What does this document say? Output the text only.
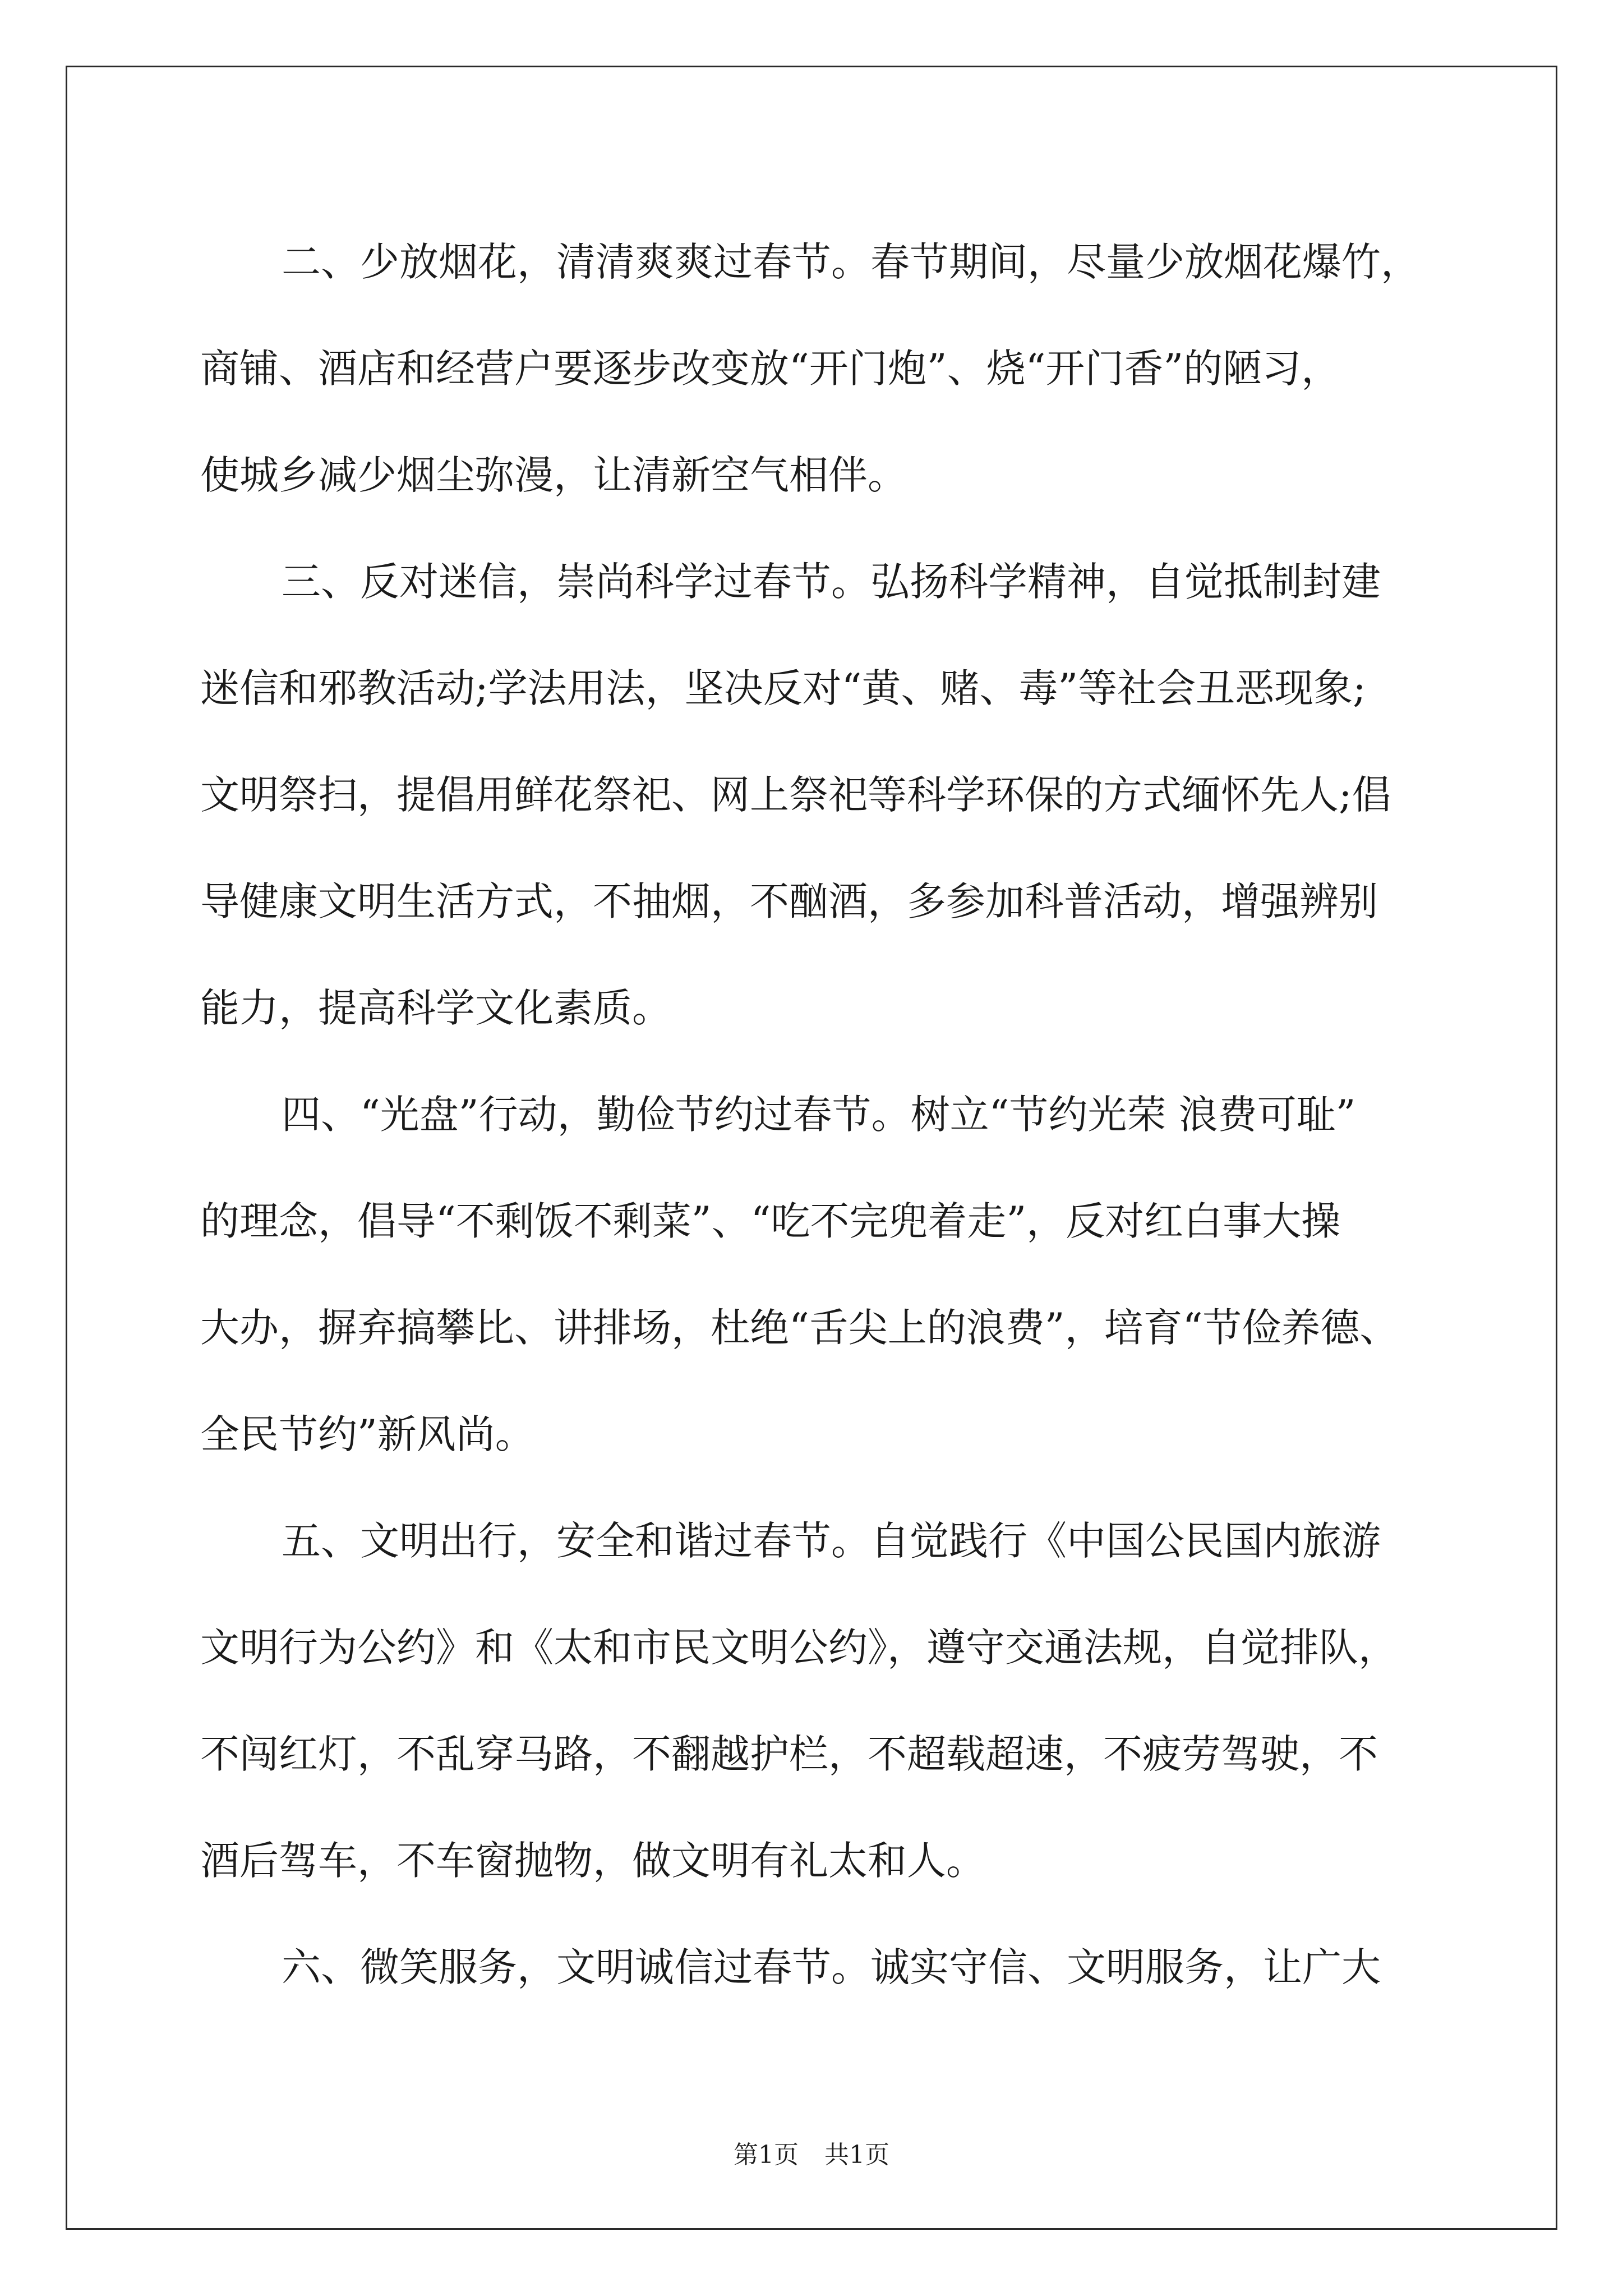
二、少放烟花，清清爽爽过春节。春节期间，尽量少放烟花爆竹，
商铺、酒店和经营户要逐步改变放“开门炮”、烧“开门香”的陋习，
使城乡减少烟尘弥漫，让清新空气相伴。
三、反对迷信，崇尚科学过春节。弘扬科学精神，自觉抵制封建
迷信和邪教活动;学法用法，坚决反对“黄、赌、毒”等社会丑恶现象;
文明祭扫，提倡用鲜花祭祀、网上祭祀等科学环保的方式缅怀先人;倡
导健康文明生活方式，不抽烟，不酗酒，多参加科普活动，增强辨别
能力，提高科学文化素质。
四、“光盘”行动，勤俭节约过春节。树立“节约光荣 浪费可耻”
的理念，倡导“不剩饭不剩菜”、“吃不完兜着走”，反对红白事大操
大办，摒弃搞攀比、讲排场，杜绝“舌尖上的浪费”，培育“节俭养德、
全民节约”新风尚。
五、文明出行，安全和谐过春节。自觉践行《中国公民国内旅游
文明行为公约》和《太和市民文明公约》，遵守交通法规，自觉排队，
不闯红灯，不乱穿马路，不翻越护栏，不超载超速，不疲劳驾驶，不
酒后驾车，不车窗抛物，做文明有礼太和人。
六、微笑服务，文明诚信过春节。诚实守信、文明服务，让广大
第1页 共1页
